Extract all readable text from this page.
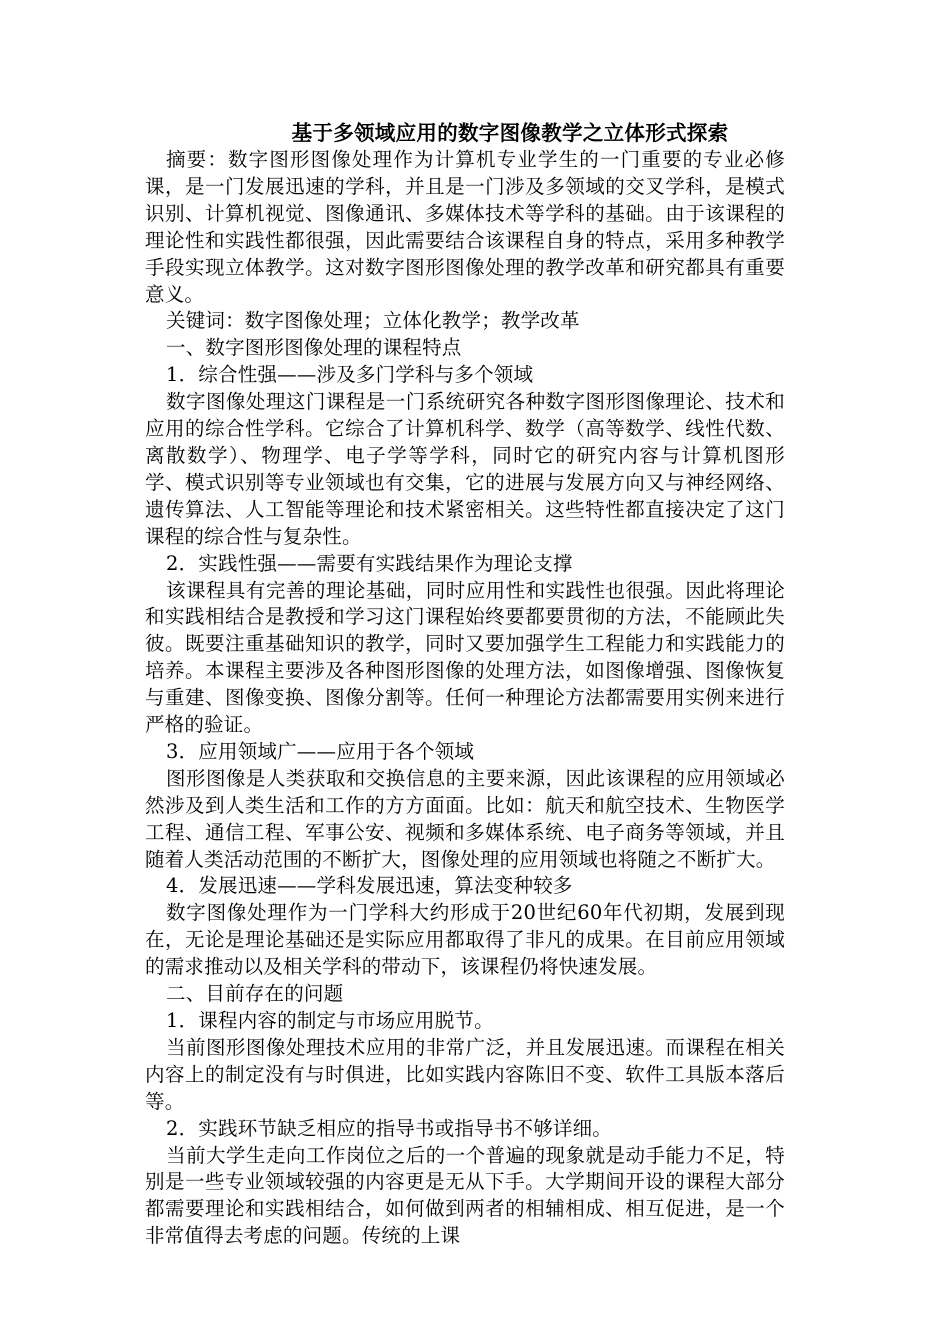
基于多领域应用的数字图像教学之立体形式探索

摘要：数字图形图像处理作为计算机专业学生的一门重要的专业必修课，是一门发展迅速的学科，并且是一门涉及多领域的交叉学科，是模式识别、计算机视觉、图像通讯、多媒体技术等学科的基础。由于该课程的理论性和实践性都很强，因此需要结合该课程自身的特点，采用多种教学手段实现立体教学。这对数字图形图像处理的教学改革和研究都具有重要意义。

关键词：数字图像处理；立体化教学；教学改革

一、数字图形图像处理的课程特点

1．综合性强——涉及多门学科与多个领域

数字图像处理这门课程是一门系统研究各种数字图形图像理论、技术和应用的综合性学科。它综合了计算机科学、数学（高等数学、线性代数、离散数学）、物理学、电子学等学科，同时它的研究内容与计算机图形学、模式识别等专业领域也有交集，它的进展与发展方向又与神经网络、遗传算法、人工智能等理论和技术紧密相关。这些特性都直接决定了这门课程的综合性与复杂性。

2．实践性强——需要有实践结果作为理论支撑

该课程具有完善的理论基础，同时应用性和实践性也很强。因此将理论和实践相结合是教授和学习这门课程始终要都要贯彻的方法，不能顾此失彼。既要注重基础知识的教学，同时又要加强学生工程能力和实践能力的培养。本课程主要涉及各种图形图像的处理方法，如图像增强、图像恢复与重建、图像变换、图像分割等。任何一种理论方法都需要用实例来进行严格的验证。

3．应用领域广——应用于各个领域

图形图像是人类获取和交换信息的主要来源，因此该课程的应用领域必然涉及到人类生活和工作的方方面面。比如：航天和航空技术、生物医学工程、通信工程、军事公安、视频和多媒体系统、电子商务等领域，并且随着人类活动范围的不断扩大，图像处理的应用领域也将随之不断扩大。

4．发展迅速——学科发展迅速，算法变种较多

数字图像处理作为一门学科大约形成于20世纪60年代初期，发展到现在，无论是理论基础还是实际应用都取得了非凡的成果。在目前应用领域的需求推动以及相关学科的带动下，该课程仍将快速发展。

二、目前存在的问题

1．课程内容的制定与市场应用脱节。

当前图形图像处理技术应用的非常广泛，并且发展迅速。而课程在相关内容上的制定没有与时俱进，比如实践内容陈旧不变、软件工具版本落后等。

2．实践环节缺乏相应的指导书或指导书不够详细。

当前大学生走向工作岗位之后的一个普遍的现象就是动手能力不足，特别是一些专业领域较强的内容更是无从下手。大学期间开设的课程大部分都需要理论和实践相结合，如何做到两者的相辅相成、相互促进，是一个非常值得去考虑的问题。传统的上课
